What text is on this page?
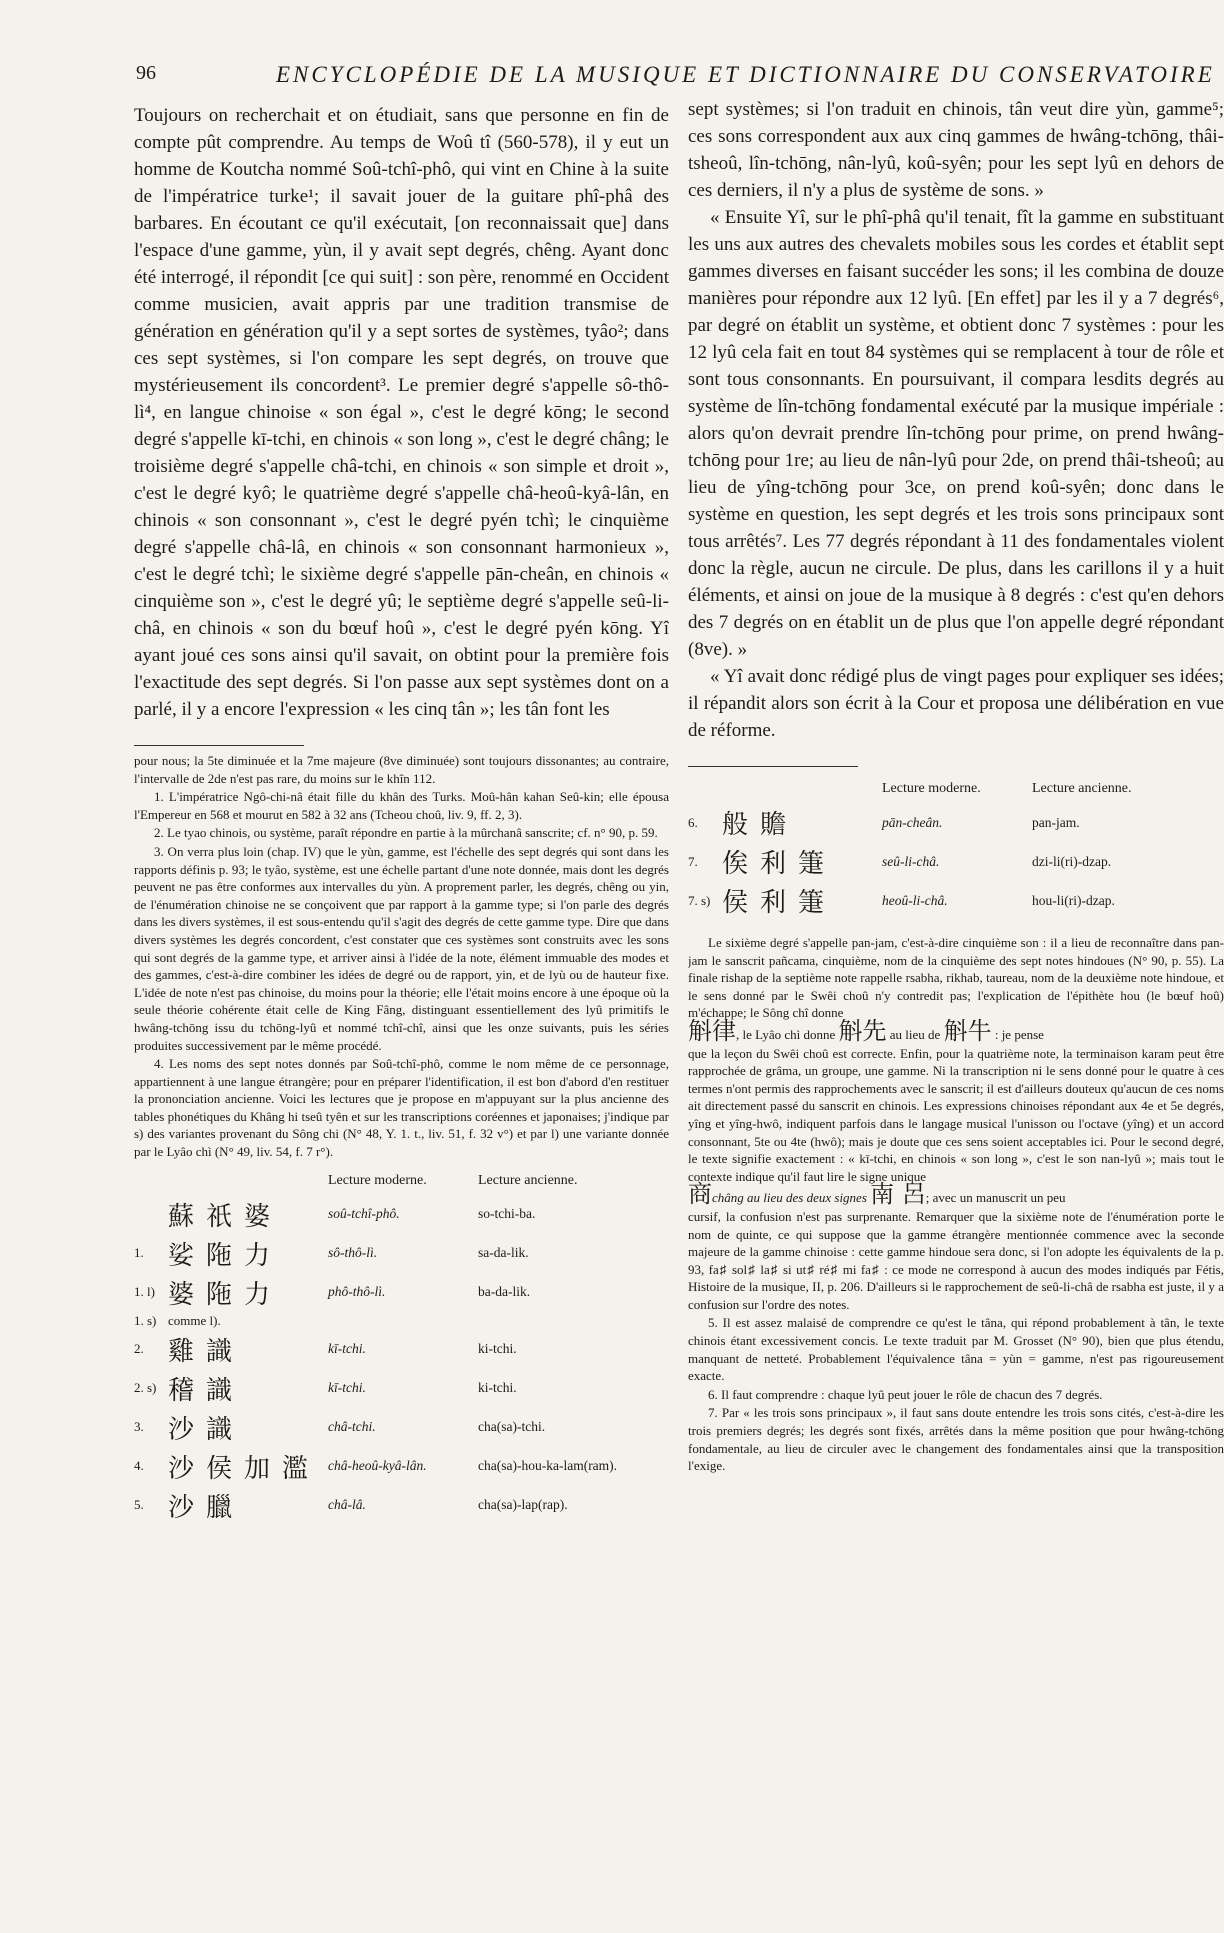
96	ENCYCLOPÉDIE DE LA MUSIQUE ET DICTIONNAIRE DU CONSERVATOIRE

Toujours on recherchait et on étudiait, sans que personne en fin de compte pût comprendre. Au temps de Woû tî (560-578), il y eut un homme de Koutcha nommé Soû-tchî-phô, qui vint en Chine à la suite de l'impératrice turke¹; il savait jouer de la guitare phî-phâ des barbares. En écoutant ce qu'il exécutait, [on reconnaissait que] dans l'espace d'une gamme, yùn, il y avait sept degrés, chêng. Ayant donc été interrogé, il répondit [ce qui suit] : son père, renommé en Occident comme musicien, avait appris par une tradition transmise de génération en génération qu'il y a sept sortes de systèmes, tyâo²; dans ces sept systèmes, si l'on compare les sept degrés, on trouve que mystérieusement ils concordent³. Le premier degré s'appelle sô-thô-lì⁴, en langue chinoise « son égal », c'est le degré kōng; le second degré s'appelle kī-tchi, en chinois « son long », c'est le degré châng; le troisième degré s'appelle châ-tchi, en chinois « son simple et droit », c'est le degré kyô; le quatrième degré s'appelle châ-heoû-kyâ-lân, en chinois « son consonnant », c'est le degré pyén tchì; le cinquième degré s'appelle châ-lâ, en chinois « son consonnant harmonieux », c'est le degré tchì; le sixième degré s'appelle pān-cheân, en chinois « cinquième son », c'est le degré yû; le septième degré s'appelle seû-li-châ, en chinois « son du bœuf hoû », c'est le degré pyén kōng. Yî ayant joué ces sons ainsi qu'il savait, on obtint pour la première fois l'exactitude des sept degrés. Si l'on passe aux sept systèmes dont on a parlé, il y a encore l'expression « les cinq tân »; les tân font les

pour nous; la 5te diminuée et la 7me majeure (8ve diminuée) sont toujours dissonantes; au contraire, l'intervalle de 2de n'est pas rare, du moins sur le khîn 112.

1. L'impératrice Ngô-chi-nâ était fille du khân des Turks. Moû-hân kahan Seû-kin; elle épousa l'Empereur en 568 et mourut en 582 à 32 ans (Tcheou choû, liv. 9, ff. 2, 3).

2. Le tyao chinois, ou système, paraît répondre en partie à la mûrchanâ sanscrite; cf. n° 90, p. 59.

3. On verra plus loin (chap. IV) que le yùn, gamme, est l'échelle des sept degrés qui sont dans les rapports définis p. 93; le tyâo, système, est une échelle partant d'une note donnée, mais dont les degrés peuvent ne pas être conformes aux intervalles du yùn. A proprement parler, les degrés, chêng ou yin, de l'énumération chinoise ne se conçoivent que par rapport à la gamme type; si l'on parle des degrés dans les divers systèmes, il est sous-entendu qu'il s'agit des degrés de cette gamme type. Dire que dans divers systèmes les degrés concordent, c'est constater que ces systèmes sont construits avec les sons qui sont degrés de la gamme type, et arriver ainsi à l'idée de la note, élément immuable des modes et des gammes, c'est-à-dire combiner les idées de degré ou de rapport, yin, et de lyù ou de hauteur fixe. L'idée de note n'est pas chinoise, du moins pour la théorie; elle l'était moins encore à une époque où la seule théorie cohérente était celle de King Fâng, distinguant essentiellement des lyû primitifs le hwâng-tchōng issu du tchōng-lyû et nommé tchî-chî, ainsi que les onze suivants, puis les séries produites successivement par le même procédé.

4. Les noms des sept notes donnés par Soû-tchî-phô, comme le nom même de ce personnage, appartiennent à une langue étrangère; pour en préparer l'identification, il est bon d'abord d'en restituer la prononciation ancienne. Voici les lectures que je propose en m'appuyant sur la plus ancienne des tables phonétiques du Khâng hi tseû tyên et sur les transcriptions coréennes et japonaises; j'indique par s) des variantes provenant du Sông chi (N° 48, Y. 1. t., liv. 51, f. 32 v°) et par l) une variante donnée par le Lyâo chì (N° 49, liv. 54, f. 7 r°).

		Lecture moderne.	Lecture ancienne.
	蘇祇婆	soû-tchî-phô.	so-tchi-ba.
1.	娑陁力	sô-thô-lì.	sa-da-lik.
1. l)	婆陁力	phô-thô-lì.	ba-da-lik.
1. s)	comme l).		
2.	雞識	kī-tchi.	ki-tchi.
2. s)	稽識	kī-tchi.	ki-tchi.
3.	沙識	châ-tchi.	cha(sa)-tchi.
4.	沙侯加濫	châ-heoû-kyâ-lân.	cha(sa)-hou-ka-lam(ram).
5.	沙臘	châ-lâ.	cha(sa)-lap(rap).

sept systèmes; si l'on traduit en chinois, tân veut dire yùn, gamme⁵; ces sons correspondent aux aux cinq gammes de hwâng-tchōng, thâi-tsheoû, lîn-tchōng, nân-lyû, koû-syên; pour les sept lyû en dehors de ces derniers, il n'y a plus de système de sons. »

« Ensuite Yî, sur le phî-phâ qu'il tenait, fît la gamme en substituant les uns aux autres des chevalets mobiles sous les cordes et établit sept gammes diverses en faisant succéder les sons; il les combina de douze manières pour répondre aux 12 lyû. [En effet] par les il y a 7 degrés⁶, par degré on établit un système, et obtient donc 7 systèmes : pour les 12 lyû cela fait en tout 84 systèmes qui se remplacent à tour de rôle et sont tous consonnants. En poursuivant, il compara lesdits degrés au système de lîn-tchōng fondamental exécuté par la musique impériale : alors qu'on devrait prendre lîn-tchōng pour prime, on prend hwâng-tchōng pour 1re; au lieu de nân-lyû pour 2de, on prend thâi-tsheoû; au lieu de yîng-tchōng pour 3ce, on prend koû-syên; donc dans le système en question, les sept degrés et les trois sons principaux sont tous arrêtés⁷. Les 77 degrés répondant à 11 des fondamentales violent donc la règle, aucun ne circule. De plus, dans les carillons il y a huit éléments, et ainsi on joue de la musique à 8 degrés : c'est qu'en dehors des 7 degrés on en établit un de plus que l'on appelle degré répondant (8ve). »

« Yî avait donc rédigé plus de vingt pages pour expliquer ses idées; il répandit alors son écrit à la Cour et proposa une délibération en vue de réforme.

		Lecture moderne.	Lecture ancienne.
6.	般贍	pān-cheân.	pan-jam.
7.	俟利箑	seû-li-châ.	dzi-li(ri)-dzap.
7. s)	侯利箑	heoû-li-châ.	hou-li(ri)-dzap.

Le sixième degré s'appelle pan-jam, c'est-à-dire cinquième son : il a lieu de reconnaître dans pan-jam le sanscrit pañcama, cinquième, nom de la cinquième des sept notes hindoues (N° 90, p. 55). La finale rishap de la septième note rappelle rsabha, rikhab, taureau, nom de la deuxième note hindoue, et le sens donné par le Swêi choû n'y contredit pas; l'explication de l'épithète hou (le bœuf hoû) m'échappe; le Sông chî donne

斛律, le Lyâo chì donne 斛先 au lieu de 斛牛 : je pense

que la leçon du Swêi choû est correcte. Enfin, pour la quatrième note, la terminaison karam peut être rapprochée de grâma, un groupe, une gamme. Ni la transcription ni le sens donné pour le quatre à ces termes n'ont permis des rapprochements avec le sanscrit; il est d'ailleurs douteux qu'aucun de ces noms ait directement passé du sanscrit en chinois. Les expressions chinoises répondant aux 4e et 5e degrés, yîng et yîng-hwô, indiquent parfois dans le langage musical l'unisson ou l'octave (yîng) et un accord consonnant, 5te ou 4te (hwô); mais je doute que ces sens soient acceptables ici. Pour le second degré, le texte signifie exactement : « kī-tchi, en chinois « son long », c'est le son nan-lyû »; mais tout le contexte indique qu'il faut lire le signe unique

商châng au lieu des deux signes 南 呂; avec un manuscrit un peu

cursif, la confusion n'est pas surprenante. Remarquer que la sixième note de l'énumération porte le nom de quinte, ce qui suppose que la gamme étrangère mentionnée commence avec la seconde majeure de la gamme chinoise : cette gamme hindoue sera donc, si l'on adopte les équivalents de la p. 93, fa♯ sol♯ la♯ si ut♯ ré♯ mi fa♯ : ce mode ne correspond à aucun des modes indiqués par Fétis, Histoire de la musique, II, p. 206. D'ailleurs si le rapprochement de seû-li-châ de rsabha est juste, il y a confusion sur l'ordre des notes.

5. Il est assez malaisé de comprendre ce qu'est le tâna, qui répond probablement à tân, le texte chinois étant excessivement concis. Le texte traduit par M. Grosset (N° 90), bien que plus étendu, manquant de netteté. Probablement l'équivalence tâna = yùn = gamme, n'est pas rigoureusement exacte.

6. Il faut comprendre : chaque lyû peut jouer le rôle de chacun des 7 degrés.

7. Par « les trois sons principaux », il faut sans doute entendre les trois sons cités, c'est-à-dire les trois premiers degrés; les degrés sont fixés, arrêtés dans la même position que pour hwâng-tchōng fondamentale, au lieu de circuler avec le changement des fondamentales ainsi que la transposition l'exige.
